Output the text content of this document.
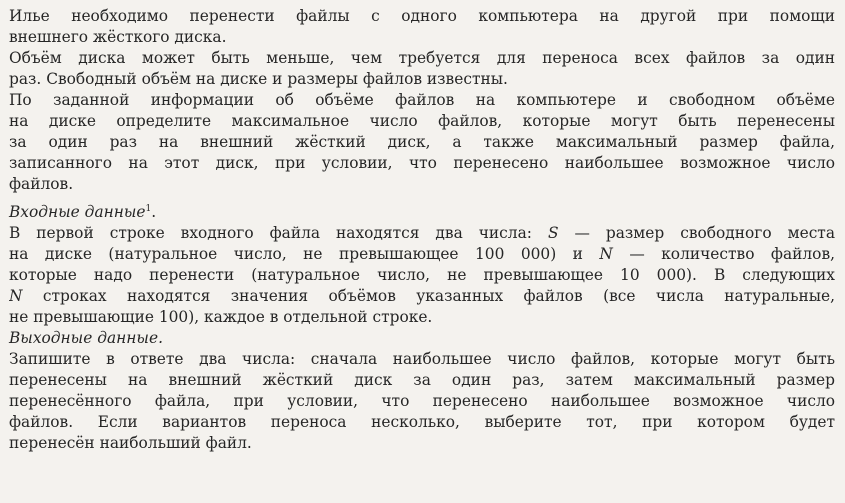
Илье необходимо перенести файлы с одного компьютера на другой при помощи
внешнего жёсткого диска.
Объём диска может быть меньше, чем требуется для переноса всех файлов за один
раз. Свободный объём на диске и размеры файлов известны.
По заданной информации об объёме файлов на компьютере и свободном объёме
на диске определите максимальное число файлов, которые могут быть перенесены
за один раз на внешний жёсткий диск, а также максимальный размер файла,
записанного на этот диск, при условии, что перенесено наибольшее возможное число
файлов.
Входные данные$^1$.
В первой строке входного файла находятся два числа: S — размер свободного места
на диске (натуральное число, не превышающее 100 000) и N — количество файлов,
которые надо перенести (натуральное число, не превышающее 10 000). В следующих
N строках находятся значения объёмов указанных файлов (все числа натуральные,
не превышающие 100), каждое в отдельной строке.
Выходные данные.
Запишите в ответе два числа: сначала наибольшее число файлов, которые могут быть
перенесены на внешний жёсткий диск за один раз, затем максимальный размер
перенесённого файла, при условии, что перенесено наибольшее возможное число
файлов. Если вариантов переноса несколько, выберите тот, при котором будет
перенесён наибольший файл.
